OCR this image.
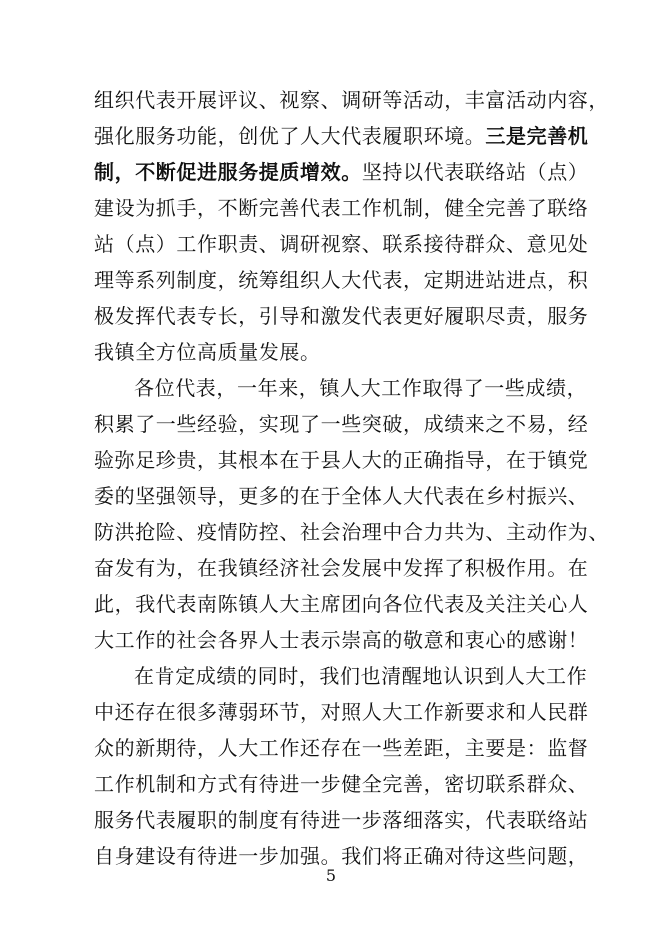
组织代表开展评议、视察、调研等活动，丰富活动内容，
强化服务功能，创优了人大代表履职环境。三是完善机
制，不断促进服务提质增效。坚持以代表联络站（点）
建设为抓手，不断完善代表工作机制，健全完善了联络
站（点）工作职责、调研视察、联系接待群众、意见处
理等系列制度，统筹组织人大代表，定期进站进点，积
极发挥代表专长，引导和激发代表更好履职尽责，服务
我镇全方位高质量发展。
各位代表，一年来，镇人大工作取得了一些成绩，
积累了一些经验，实现了一些突破，成绩来之不易，经
验弥足珍贵，其根本在于县人大的正确指导，在于镇党
委的坚强领导，更多的在于全体人大代表在乡村振兴、
防洪抢险、疫情防控、社会治理中合力共为、主动作为、
奋发有为，在我镇经济社会发展中发挥了积极作用。在
此，我代表南陈镇人大主席团向各位代表及关注关心人
大工作的社会各界人士表示崇高的敬意和衷心的感谢！
在肯定成绩的同时，我们也清醒地认识到人大工作
中还存在很多薄弱环节，对照人大工作新要求和人民群
众的新期待，人大工作还存在一些差距，主要是：监督
工作机制和方式有待进一步健全完善，密切联系群众、
服务代表履职的制度有待进一步落细落实，代表联络站
自身建设有待进一步加强。我们将正确对待这些问题，
5
